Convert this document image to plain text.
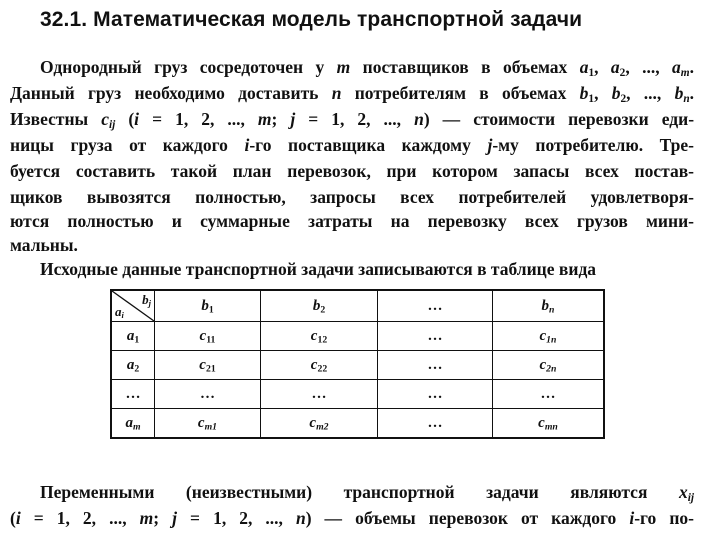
32.1. Математическая модель транспортной задачи
Однородный груз сосредоточен у m поставщиков в объемах $a_1$, $a_2$, ..., $a_m$.
Данный груз необходимо доставить n потребителям в объемах $b_1$, $b_2$, ..., $b_n$.
Известны $c_{ij}$ (i = 1, 2, ..., m; j = 1, 2, ..., n) — стоимости перевозки еди-
ницы груза от каждого i-го поставщика каждому j-му потребителю. Тре-
буется составить такой план перевозок, при котором запасы всех постав-
щиков вывозятся полностью, запросы всех потребителей удовлетворя-
ются полностью и суммарные затраты на перевозку всех грузов мини-
мальны.
Исходные данные транспортной задачи записываются в таблице вида
$b_j$
$a_i$	$b_1$	$b_2$	…	$b_n$
$a_1$	$c_{11}$	$c_{12}$	…	$c_{1n}$
$a_2$	$c_{21}$	$c_{22}$	…	$c_{2n}$
…	…	…	…	…
$a_m$	$c_{m1}$	$c_{m2}$	…	$c_{mn}$
Переменными (неизвестными) транспортной задачи являются $x_{ij}$
(i = 1, 2, ..., m; j = 1, 2, ..., n) — объемы перевозок от каждого i-го по-
